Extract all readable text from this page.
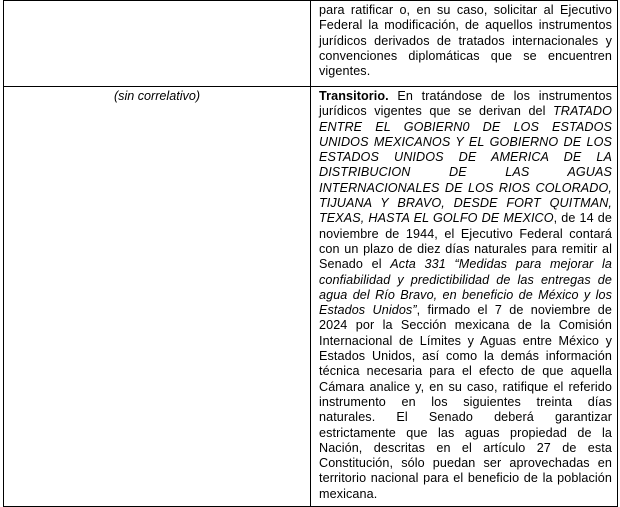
	para ratificar o, en su caso, solicitar al Ejecutivo Federal la modificación, de aquellos instrumentos jurídicos derivados de tratados internacionales y convenciones diplomáticas que se encuentren vigentes.
(sin correlativo)	Transitorio. En tratándose de los instrumentos jurídicos vigentes que se derivan del TRATADO ENTRE EL GOBIERN0 DE LOS ESTADOS UNIDOS MEXICANOS Y EL GOBIERNO DE LOS ESTADOS UNIDOS DE AMERICA DE LA DISTRIBUCION DE LAS AGUAS INTERNACIONALES DE LOS RIOS COLORADO, TIJUANA Y BRAVO, DESDE FORT QUITMAN, TEXAS, HASTA EL GOLFO DE MEXICO, de 14 de noviembre de 1944, el Ejecutivo Federal contará con un plazo de diez días naturales para remitir al Senado el Acta 331 “Medidas para mejorar la confiabilidad y predictibilidad de las entregas de agua del Río Bravo, en beneficio de México y los Estados Unidos”, firmado el 7 de noviembre de 2024 por la Sección mexicana de la Comisión Internacional de Límites y Aguas entre México y Estados Unidos, así como la demás información técnica necesaria para el efecto de que aquella Cámara analice y, en su caso, ratifique el referido instrumento en los siguientes treinta días naturales. El Senado deberá garantizar estrictamente que las aguas propiedad de la Nación, descritas en el artículo 27 de esta Constitución, sólo puedan ser aprovechadas en territorio nacional para el beneficio de la población mexicana.
